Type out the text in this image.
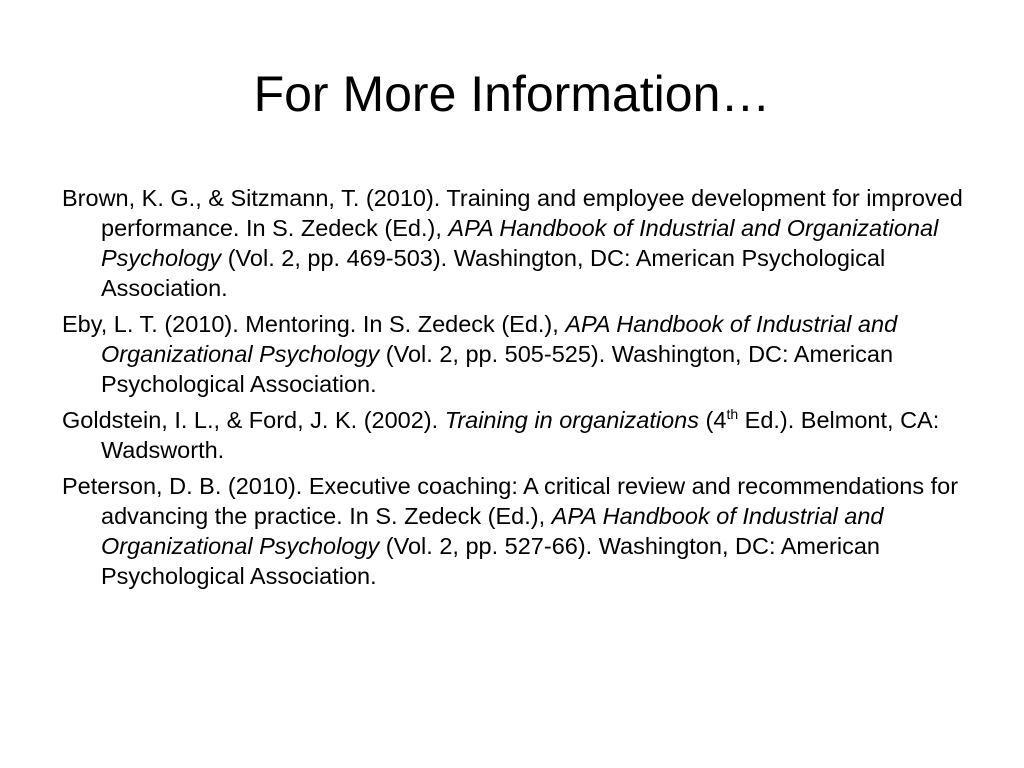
For More Information…
Brown, K. G., & Sitzmann, T. (2010). Training and employee development for improved performance. In S. Zedeck (Ed.), APA Handbook of Industrial and Organizational Psychology (Vol. 2, pp. 469-503). Washington, DC: American Psychological Association.
Eby, L. T. (2010). Mentoring. In S. Zedeck (Ed.), APA Handbook of Industrial and Organizational Psychology (Vol. 2, pp. 505-525). Washington, DC: American Psychological Association.
Goldstein, I. L., & Ford, J. K. (2002). Training in organizations (4th Ed.). Belmont, CA: Wadsworth.
Peterson, D. B. (2010). Executive coaching: A critical review and recommendations for advancing the practice. In S. Zedeck (Ed.), APA Handbook of Industrial and Organizational Psychology (Vol. 2, pp. 527-66). Washington, DC: American Psychological Association.
